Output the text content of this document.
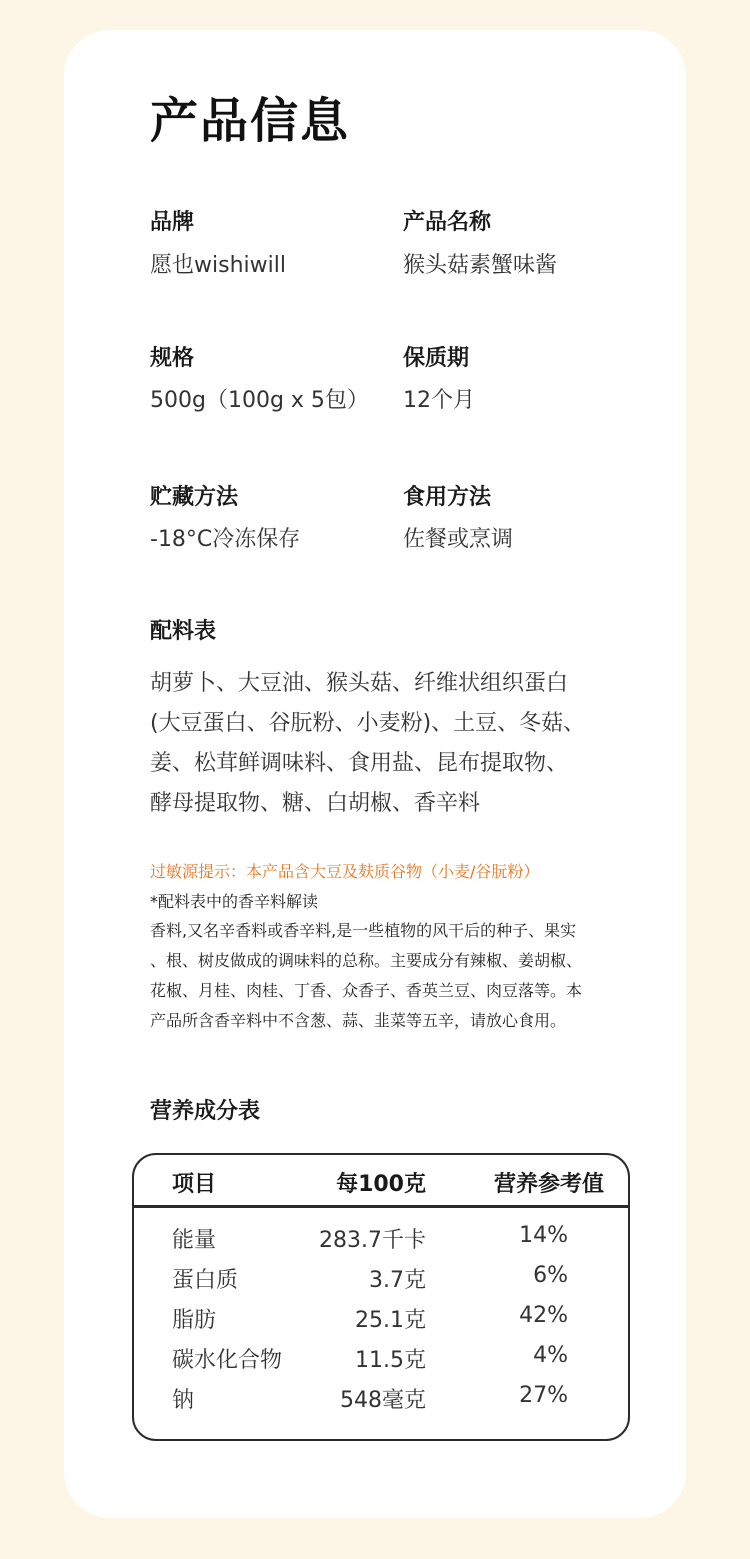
产品信息
品牌
愿也wishiwill
产品名称
猴头菇素蟹味酱
规格
500g（100g x 5包）
保质期
12个月
贮藏方法
-18°C冷冻保存
食用方法
佐餐或烹调
配料表
胡萝卜、大豆油、猴头菇、纤维状组织蛋白
(大豆蛋白、谷朊粉、小麦粉)、土豆、冬菇、
姜、松茸鲜调味料、食用盐、昆布提取物、
酵母提取物、糖、白胡椒、香辛料
过敏源提示：本产品含大豆及麸质谷物（小麦/谷朊粉）
*配料表中的香辛料解读
香料,又名辛香料或香辛料,是一些植物的风干后的种子、果实
、根、树皮做成的调味料的总称。主要成分有辣椒、姜胡椒、
花椒、月桂、肉桂、丁香、众香子、香英兰豆、肉豆落等。本
产品所含香辛料中不含葱、蒜、韭菜等五辛，请放心食用。
营养成分表
项目	每100克	营养参考值
能量	283.7千卡	14%
蛋白质	3.7克	6%
脂肪	25.1克	42%
碳水化合物	11.5克	4%
钠	548毫克	27%
